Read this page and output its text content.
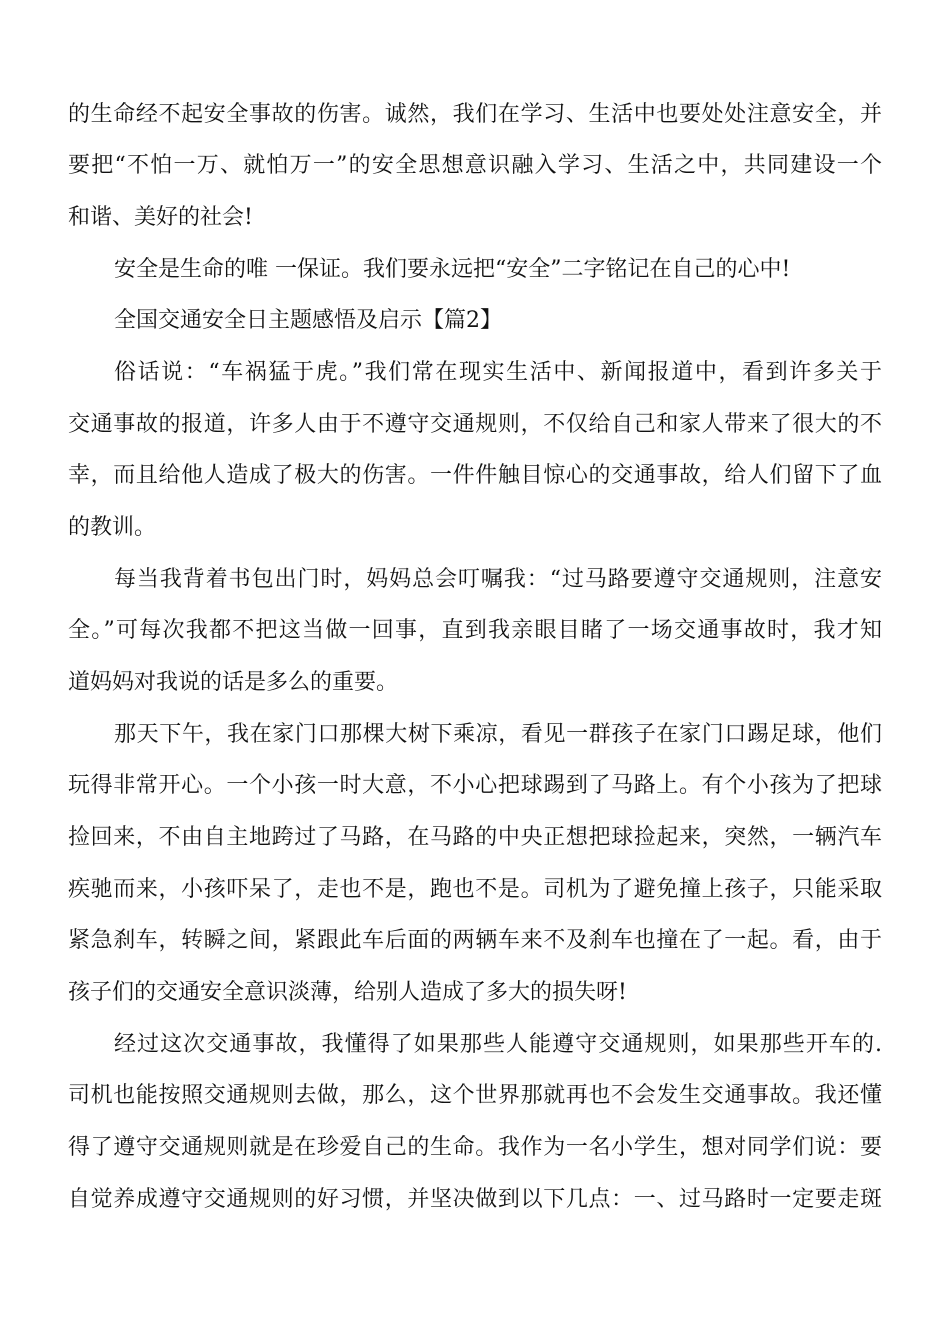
的生命经不起安全事故的伤害。诚然，我们在学习、生活中也要处处注意安全，并
要把“不怕一万、就怕万一”的安全思想意识融入学习、生活之中，共同建设一个
和谐、美好的社会!
安全是生命的唯 一保证。我们要永远把“安全”二字铭记在自己的心中!
全国交通安全日主题感悟及启示【篇2】
俗话说：“车祸猛于虎。”我们常在现实生活中、新闻报道中，看到许多关于
交通事故的报道，许多人由于不遵守交通规则，不仅给自己和家人带来了很大的不
幸，而且给他人造成了极大的伤害。一件件触目惊心的交通事故，给人们留下了血
的教训。
每当我背着书包出门时，妈妈总会叮嘱我：“过马路要遵守交通规则，注意安
全。”可每次我都不把这当做一回事，直到我亲眼目睹了一场交通事故时，我才知
道妈妈对我说的话是多么的重要。
那天下午，我在家门口那棵大树下乘凉，看见一群孩子在家门口踢足球，他们
玩得非常开心。一个小孩一时大意，不小心把球踢到了马路上。有个小孩为了把球
捡回来，不由自主地跨过了马路，在马路的中央正想把球捡起来，突然，一辆汽车
疾驰而来，小孩吓呆了，走也不是，跑也不是。司机为了避免撞上孩子，只能采取
紧急刹车，转瞬之间，紧跟此车后面的两辆车来不及刹车也撞在了一起。看，由于
孩子们的交通安全意识淡薄，给别人造成了多大的损失呀!
经过这次交通事故，我懂得了如果那些人能遵守交通规则，如果那些开车的.
司机也能按照交通规则去做，那么，这个世界那就再也不会发生交通事故。我还懂
得了遵守交通规则就是在珍爱自己的生命。我作为一名小学生，想对同学们说：要
自觉养成遵守交通规则的好习惯，并坚决做到以下几点：一、过马路时一定要走斑
